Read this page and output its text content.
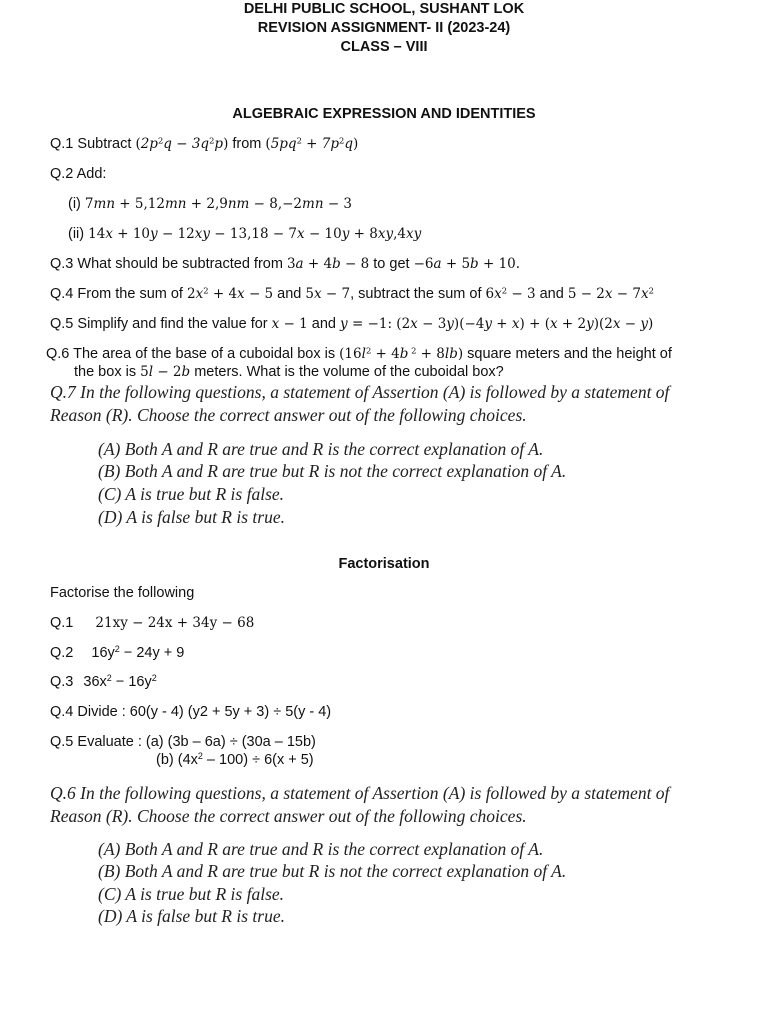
DELHI PUBLIC SCHOOL, SUSHANT LOK
REVISION ASSIGNMENT- II (2023-24)
CLASS – VIII
ALGEBRAIC EXPRESSION AND IDENTITIES
Q.1 Subtract $(2p^2q - 3q^2p)$ from $(5pq^2 + 7p^2q)$
Q.2 Add:
(i) 7mn + 5,12mn + 2,9nm − 8,−2mn − 3
(ii) 14x + 10y − 12xy − 13,18 − 7x − 10y + 8xy,4xy
Q.3 What should be subtracted from 3a + 4b − 8 to get −6a + 5b + 10.
Q.4 From the sum of $2x^2 + 4x - 5$ and 5x − 7, subtract the sum of $6x^2 - 3$ and $5 - 2x - 7x^2$
Q.5 Simplify and find the value for x − 1 and y = −1: (2x − 3y)(−4y + x) + (x + 2y)(2x − y)
Q.6 The area of the base of a cuboidal box is ($16l^2 + 4b$ $^2$ + 8lb) square meters and the height of
the box is 5l − 2b meters. What is the volume of the cuboidal box?
Q.7 In the following questions, a statement of Assertion (A) is followed by a statement of
Reason (R). Choose the correct answer out of the following choices.
(A) Both A and R are true and R is the correct explanation of A.
(B) Both A and R are true but R is not the correct explanation of A.
(C) A is true but R is false.
(D) A is false but R is true.
Factorisation
Factorise the following
Q.1 21xy − 24x + 34y − 68
Q.2 $16y^2 - 24y + 9$
Q.3 $36x^2 - 16y^2$
Q.4 Divide : 60(y - 4) (y2 + 5y + 3) ÷ 5(y - 4)
Q.5 Evaluate : (a) (3b – 6a) ÷ (30a – 15b)
(b) $(4x^2 - 100) \div 6(x + 5)$
Q.6 In the following questions, a statement of Assertion (A) is followed by a statement of
Reason (R). Choose the correct answer out of the following choices.
(A) Both A and R are true and R is the correct explanation of A.
(B) Both A and R are true but R is not the correct explanation of A.
(C) A is true but R is false.
(D) A is false but R is true.
